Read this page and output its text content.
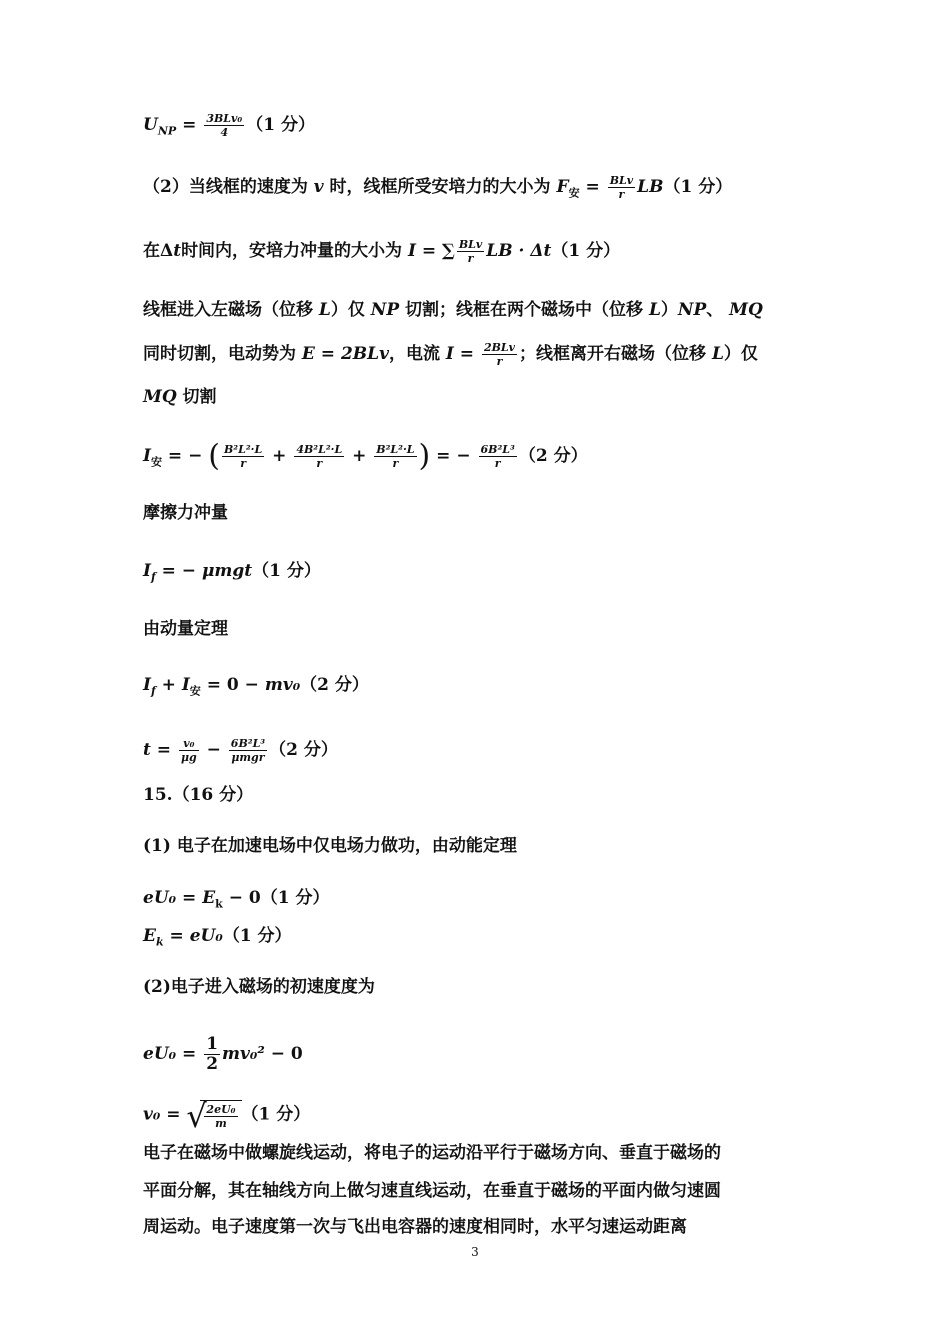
$U_{NP} = \frac{\text{3BLv₀}}{4} (1$ 分）
（2）当线框的速度为 v 时，线框所受安培力的大小为 $F_安 = \frac{\text{BLv}}{r} LB(1$ 分）
在Δt时间内，安培力冲量的大小为 I = ∑ $\frac{\text{BLv}}{r}$ LB · Δt（1 分）
线框进入左磁场（位移 L）仅 NP 切割；线框在两个磁场中（位移 L）NP、 MQ
同时切割，电动势为 E = 2BLv，电流 $I = \frac{\text{2BLv}}{r}$ ；线框离开右磁场（位移 L）仅
MQ 切割
$I_安$ = − ( $\frac{\text{B²L²·L}}{r} + \frac{\text{4B²L²·L}}{r} + \frac{\text{B²L²·L}}{r}$ ) = − $\frac{\text{6B²L³}}{r} (2$ 分）
摩擦力冲量
$I_f$ = − μmgt（1 分）
由动量定理
$I_f + I_安 = 0 - mv_0(2$ 分）
$t = \frac{\text{v₀}}{\mu g} - \frac{\text{6B²L³}}{\text{μmgr}} (2$ 分）
15.（16 分）
(1) 电子在加速电场中仅电场力做功，由动能定理
$eU_0 = E_k - 0(1$ 分）
$E_k = eU_0(1$ 分）
(2)电子进入磁场的初速度度为
$eU_0 = \frac{1}{2} mv_0^2 - 0$
v₀ = √
$\frac{\text{2eU₀}}{m} (1$ 分）
电子在磁场中做螺旋线运动，将电子的运动沿平行于磁场方向、垂直于磁场的
平面分解，其在轴线方向上做匀速直线运动，在垂直于磁场的平面内做匀速圆
周运动。电子速度第一次与飞出电容器的速度相同时，水平匀速运动距离
3
